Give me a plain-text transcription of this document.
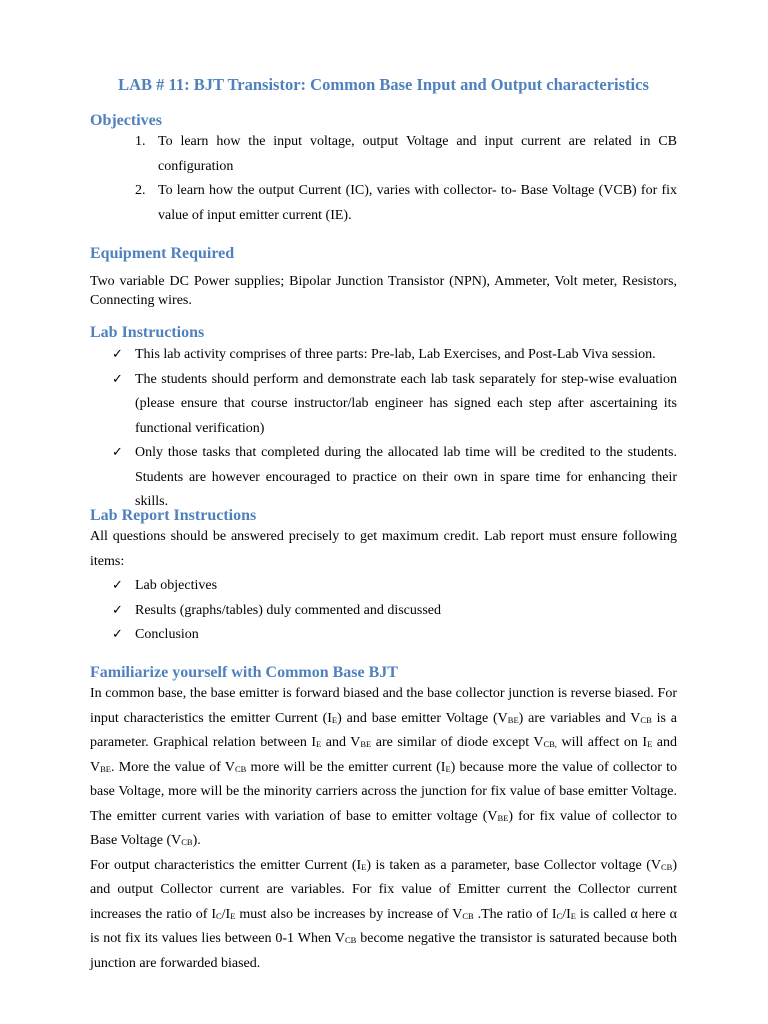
LAB # 11: BJT Transistor: Common Base Input and Output characteristics
Objectives
1. To learn how the input voltage, output Voltage and input current are related in CB configuration
2. To learn how the output Current (IC), varies with collector- to- Base Voltage (VCB) for fix value of input emitter current (IE).
Equipment Required
Two variable DC Power supplies; Bipolar Junction Transistor (NPN), Ammeter, Volt meter, Resistors, Connecting wires.
Lab Instructions
✓ This lab activity comprises of three parts: Pre-lab, Lab Exercises, and Post-Lab Viva session.
✓ The students should perform and demonstrate each lab task separately for step-wise evaluation (please ensure that course instructor/lab engineer has signed each step after ascertaining its functional verification)
✓ Only those tasks that completed during the allocated lab time will be credited to the students. Students are however encouraged to practice on their own in spare time for enhancing their skills.
Lab Report Instructions
All questions should be answered precisely to get maximum credit. Lab report must ensure following items:
✓ Lab objectives
✓ Results (graphs/tables) duly commented and discussed
✓ Conclusion
Familiarize yourself with Common Base BJT
In common base, the base emitter is forward biased and the base collector junction is reverse biased. For input characteristics the emitter Current $(I_E)$ and base emitter Voltage $(V_{BE})$ are variables and $V_{CB}$ is a parameter. Graphical relation between $I_E$ and $V_{BE}$ are similar of diode except $V_{CB,}$ will affect on $I_E$ and $V_{BE}$. More the value of $V_{CB}$ more will be the emitter current $(I_E)$ because more the value of collector to base Voltage, more will be the minority carriers across the junction for fix value of base emitter Voltage. The emitter current varies with variation of base to emitter voltage $(V_{BE})$ for fix value of collector to Base Voltage $(V_{CB})$.
For output characteristics the emitter Current $(I_E)$ is taken as a parameter, base Collector voltage $(V_{CB})$ and output Collector current are variables. For fix value of Emitter current the Collector current increases the ratio of $I_C/I_E$ must also be increases by increase of $V_{CB}$ .The ratio of $I_C/I_E$ is called α here α is not fix its values lies between 0-1 When $V_{CB}$ become negative the transistor is saturated because both junction are forwarded biased.
